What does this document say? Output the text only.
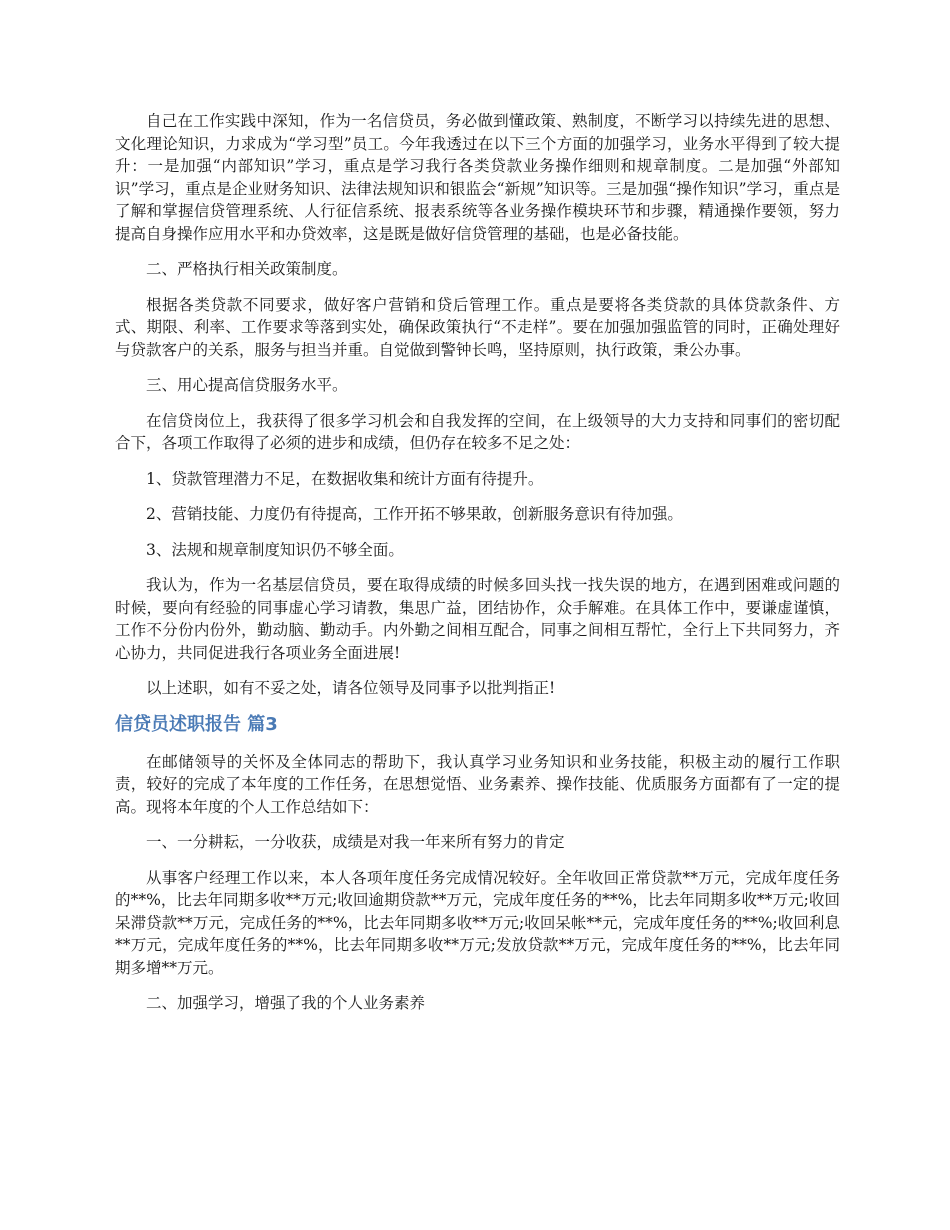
自己在工作实践中深知，作为一名信贷员，务必做到懂政策、熟制度，不断学习以持续先进的思想、文化理论知识，力求成为“学习型”员工。今年我透过在以下三个方面的加强学习，业务水平得到了较大提升：一是加强“内部知识”学习，重点是学习我行各类贷款业务操作细则和规章制度。二是加强“外部知识”学习，重点是企业财务知识、法律法规知识和银监会“新规”知识等。三是加强“操作知识”学习，重点是了解和掌握信贷管理系统、人行征信系统、报表系统等各业务操作模块环节和步骤，精通操作要领，努力提高自身操作应用水平和办贷效率，这是既是做好信贷管理的基础，也是必备技能。

二、严格执行相关政策制度。

根据各类贷款不同要求，做好客户营销和贷后管理工作。重点是要将各类贷款的具体贷款条件、方式、期限、利率、工作要求等落到实处，确保政策执行“不走样”。要在加强加强监管的同时，正确处理好与贷款客户的关系，服务与担当并重。自觉做到警钟长鸣，坚持原则，执行政策，秉公办事。

三、用心提高信贷服务水平。

在信贷岗位上，我获得了很多学习机会和自我发挥的空间，在上级领导的大力支持和同事们的密切配合下，各项工作取得了必须的进步和成绩，但仍存在较多不足之处：

1、贷款管理潜力不足，在数据收集和统计方面有待提升。

2、营销技能、力度仍有待提高，工作开拓不够果敢，创新服务意识有待加强。

3、法规和规章制度知识仍不够全面。

我认为，作为一名基层信贷员，要在取得成绩的时候多回头找一找失误的地方，在遇到困难或问题的时候，要向有经验的同事虚心学习请教，集思广益，团结协作，众手解难。在具体工作中，要谦虚谨慎，工作不分份内份外，勤动脑、勤动手。内外勤之间相互配合，同事之间相互帮忙，全行上下共同努力，齐心协力，共同促进我行各项业务全面进展!

以上述职，如有不妥之处，请各位领导及同事予以批判指正!

信贷员述职报告 篇3

在邮储领导的关怀及全体同志的帮助下，我认真学习业务知识和业务技能，积极主动的履行工作职责，较好的完成了本年度的工作任务，在思想觉悟、业务素养、操作技能、优质服务方面都有了一定的提高。现将本年度的个人工作总结如下：

一、一分耕耘，一分收获，成绩是对我一年来所有努力的肯定

从事客户经理工作以来，本人各项年度任务完成情况较好。全年收回正常贷款**万元，完成年度任务的**%，比去年同期多收**万元;收回逾期贷款**万元，完成年度任务的**%，比去年同期多收**万元;收回呆滞贷款**万元，完成任务的**%，比去年同期多收**万元;收回呆帐**元，完成年度任务的**%;收回利息**万元，完成年度任务的**%，比去年同期多收**万元;发放贷款**万元，完成年度任务的**%，比去年同期多增**万元。

二、加强学习，增强了我的个人业务素养
